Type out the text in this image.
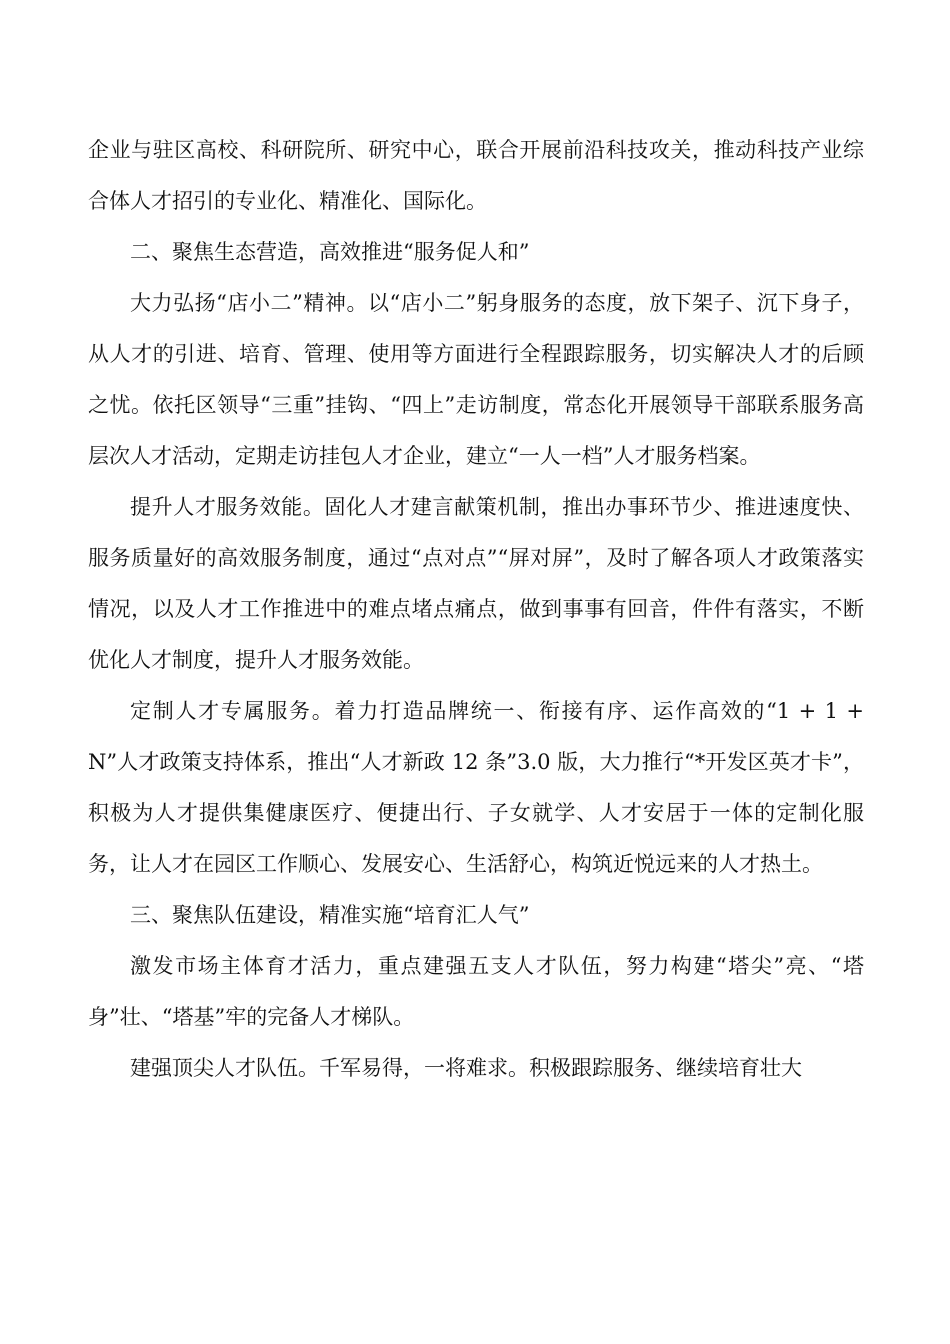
企业与驻区高校、科研院所、研究中心，联合开展前沿科技攻关，推动科技产业综合体人才招引的专业化、精准化、国际化。

二、聚焦生态营造，高效推进“服务促人和”

大力弘扬“店小二”精神。以“店小二”躬身服务的态度，放下架子、沉下身子，从人才的引进、培育、管理、使用等方面进行全程跟踪服务，切实解决人才的后顾之忧。依托区领导“三重”挂钩、“四上”走访制度，常态化开展领导干部联系服务高层次人才活动，定期走访挂包人才企业，建立“一人一档”人才服务档案。

提升人才服务效能。固化人才建言献策机制，推出办事环节少、推进速度快、服务质量好的高效服务制度，通过“点对点”“屏对屏”，及时了解各项人才政策落实情况，以及人才工作推进中的难点堵点痛点，做到事事有回音，件件有落实，不断优化人才制度，提升人才服务效能。

定制人才专属服务。着力打造品牌统一、衔接有序、运作高效的“1 + 1 + N”人才政策支持体系，推出“人才新政 12 条”3.0 版，大力推行“*开发区英才卡”，积极为人才提供集健康医疗、便捷出行、子女就学、人才安居于一体的定制化服务，让人才在园区工作顺心、发展安心、生活舒心，构筑近悦远来的人才热土。

三、聚焦队伍建设，精准实施“培育汇人气”

激发市场主体育才活力，重点建强五支人才队伍，努力构建“塔尖”亮、“塔身”壮、“塔基”牢的完备人才梯队。

建强顶尖人才队伍。千军易得，一将难求。积极跟踪服务、继续培育壮大
